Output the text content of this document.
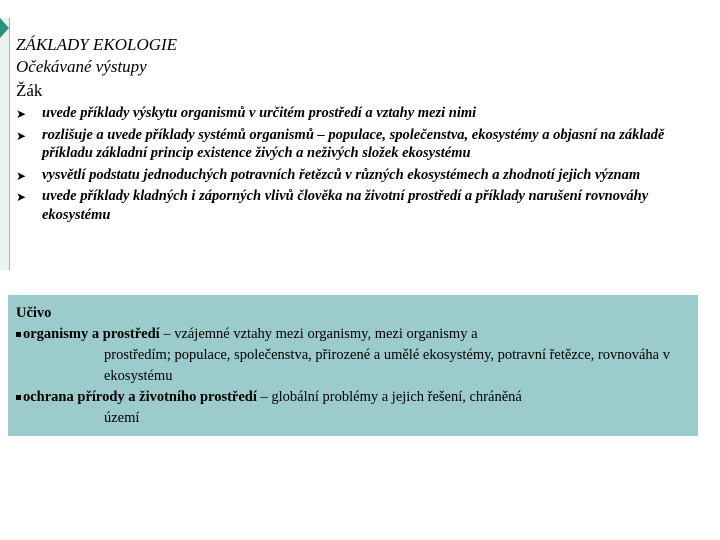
ZÁKLADY EKOLOGIE
Očekávané výstupy
Žák
➤ uvede příklady výskytu organismů v určitém prostředí a vztahy mezi nimi
➤ rozlišuje a uvede příklady systémů organismů – populace, společenstva, ekosystémy a objasní na základě příkladu základní princip existence živých a neživých složek ekosystému
➤ vysvětlí podstatu jednoduchých potravních řetězců v různých ekosystémech a zhodnotí jejich význam
➤ uvede příklady kladných i záporných vlivů člověka na životní prostředí a příklady narušení rovnováhy ekosystému
Učivo
organismy a prostředí – vzájemné vztahy mezi organismy, mezi organismy a
prostředím; populace, společenstva, přirozené a umělé ekosystémy, potravní řetězce, rovnováha v ekosystému
ochrana přírody a životního prostředí – globální problémy a jejich řešení, chráněná
území
